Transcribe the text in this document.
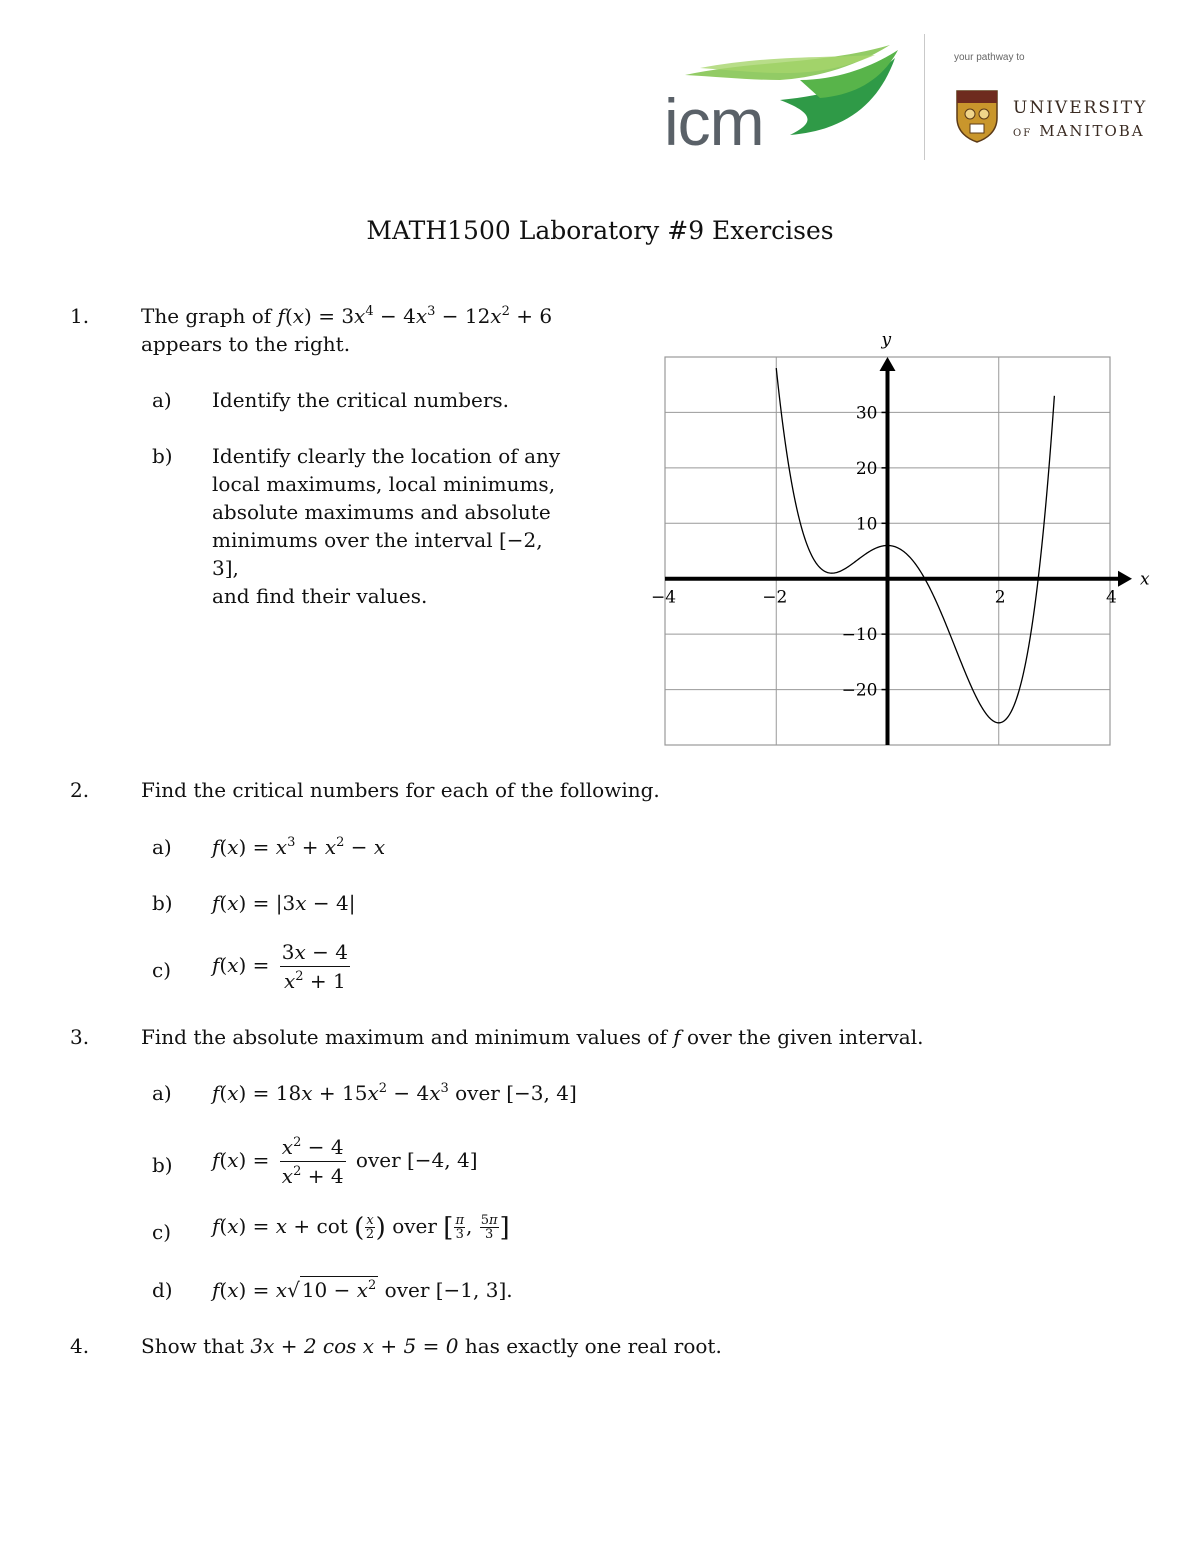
icm
your pathway to
UNIVERSITY
OF MANITOBA
MATH1500 Laboratory #9 Exercises
1.	The graph of $f(x) = 3x^4 - 4x^3 - 12x^2 + 6$
appears to the right.
a) Identify the critical numbers.
b) Identify clearly the location of any
local maximums, local minimums,
absolute maximums and absolute
minimums over the interval [−2, 3],
and find their values.
x
y
−4	−2	2	4
30
20
10
−10
−20
2.	Find the critical numbers for each of the following.
a) $f(x) = x^3 + x^2 - x$
b) f(x) = |3x − 4|
c) $f(x) = \frac{3x - 4}{x^2 + 1}$
3.	Find the absolute maximum and minimum values of f over the given interval.
a) $f(x) = 18x + 15x^2 - 4x^3$ over [−3, 4]
b) $f(x) = \frac{x^2 - 4}{x^2 + 4}$ over [−4, 4]
c) f(x) = x + cot ( $\frac{x}{2}$ ) over [ $\frac{\pi}{3}$ , $\frac{5\pi}{3}$ ]
d) f(x) = x√ $10 - x^2$ over [−1, 3].
4.	Show that 3x + 2 cos x + 5 = 0 has exactly one real root.
